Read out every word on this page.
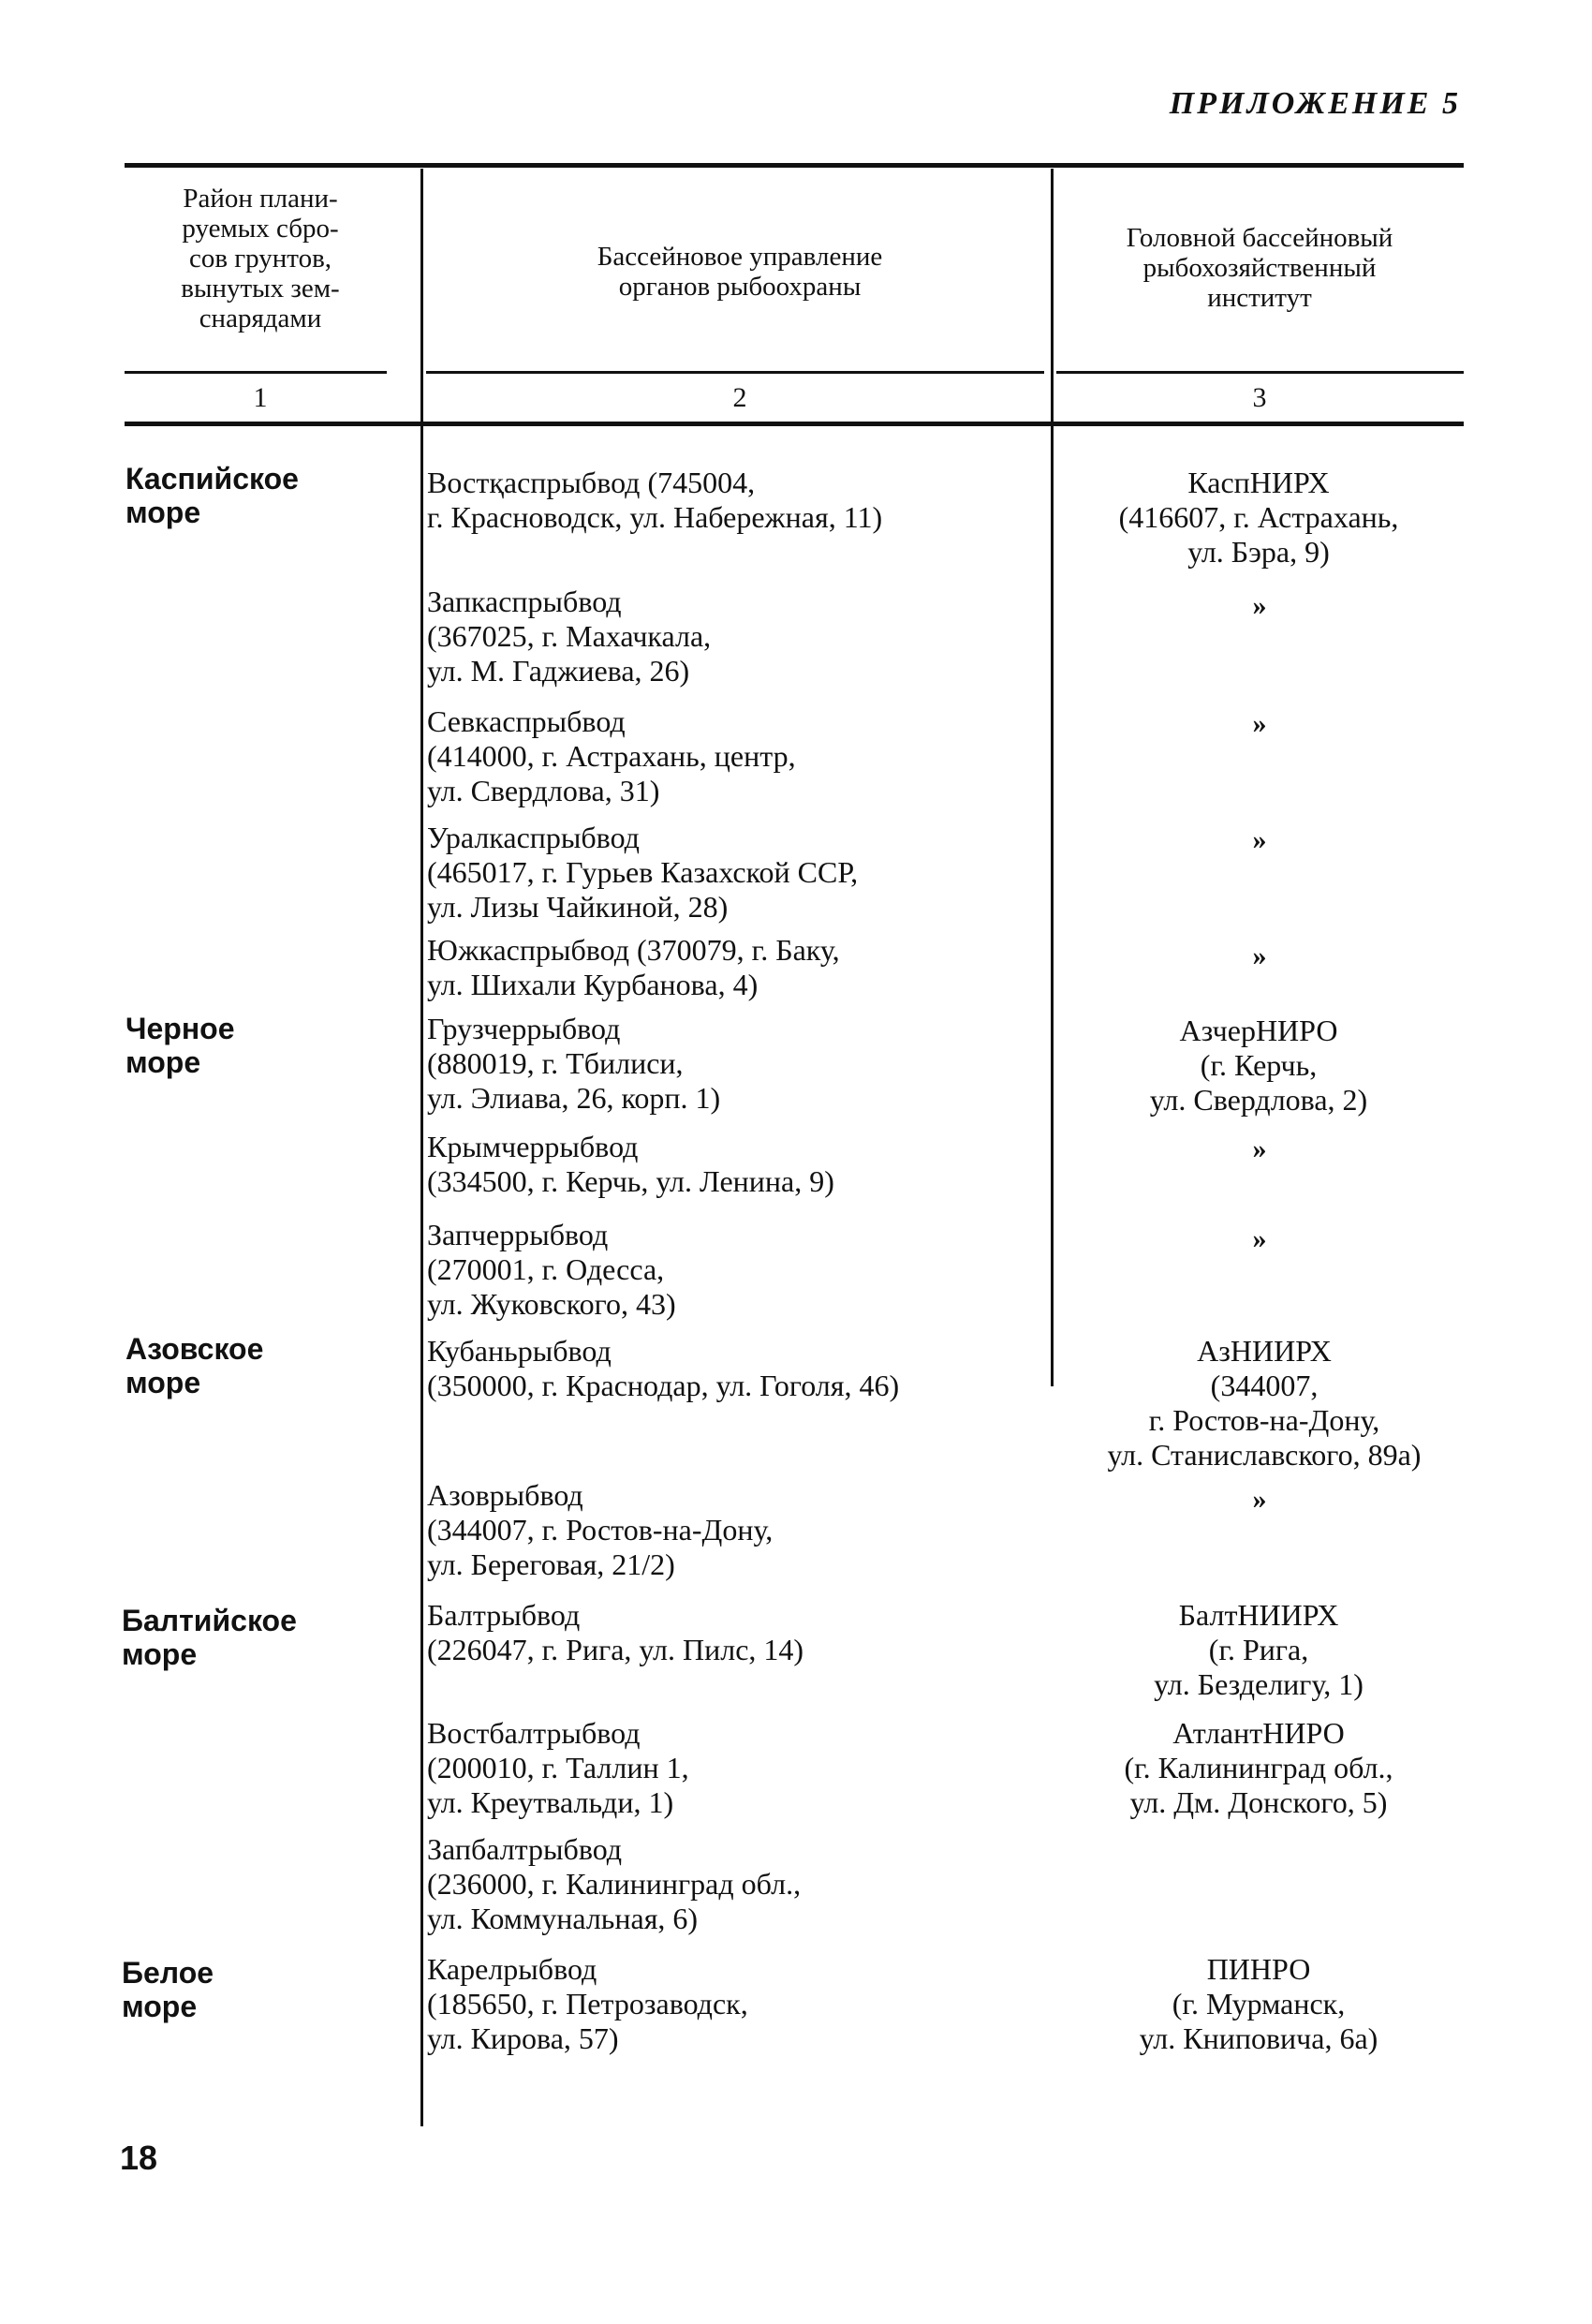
ПРИЛОЖЕНИЕ 5
Район плани-
руемых сбро-
сов грунтов,
вынутых зем-
снарядами
Бассейновое управление
органов рыбоохраны
Головной бассейновый
рыбохозяйственный
институт
1	2	3
Каспийское
море
Черное
море
Азовское
море
Балтийское
море
Белое
море
Востқаспрыбвод (745004,
г. Красноводск, ул. Набережная, 11)
Запкаспрыбвод
(367025, г. Махачкала,
ул. М. Гаджиева, 26)
Севкаспрыбвод
(414000, г. Астрахань, центр,
ул. Свердлова, 31)
Уралкаспрыбвод
(465017, г. Гурьев Казахской ССР,
ул. Лизы Чайкиной, 28)
Южкаспрыбвод (370079, г. Баку,
ул. Шихали Курбанова, 4)
Грузчеррыбвод
(880019, г. Тбилиси,
ул. Элиава, 26, корп. 1)
Крымчеррыбвод
(334500, г. Керчь, ул. Ленина, 9)
Запчеррыбвод
(270001, г. Одесса,
ул. Жуковского, 43)
Кубаньрыбвод
(350000, г. Краснодар, ул. Гоголя, 46)
Азоврыбвод
(344007, г. Ростов-на-Дону,
ул. Береговая, 21/2)
Балтрыбвод
(226047, г. Рига, ул. Пилс, 14)
Востбалтрыбвод
(200010, г. Таллин 1,
ул. Креутвальди, 1)
Запбалтрыбвод
(236000, г. Калининград обл.,
ул. Коммунальная, 6)
Карелрыбвод
(185650, г. Петрозаводск,
ул. Кирова, 57)
КаспНИРХ
(416607, г. Астрахань,
ул. Бэра, 9)
»
»
»
»
АзчерНИРО
(г. Керчь,
ул. Свердлова, 2)
»
»
АзНИИРХ
(344007,
г. Ростов-на-Дону,
ул. Станиславского, 89а)
»
БалтНИИРХ
(г. Рига,
ул. Безделигу, 1)
АтлантНИРО
(г. Калининград обл.,
ул. Дм. Донского, 5)
ПИНРО
(г. Мурманск,
ул. Книповича, 6а)
18
